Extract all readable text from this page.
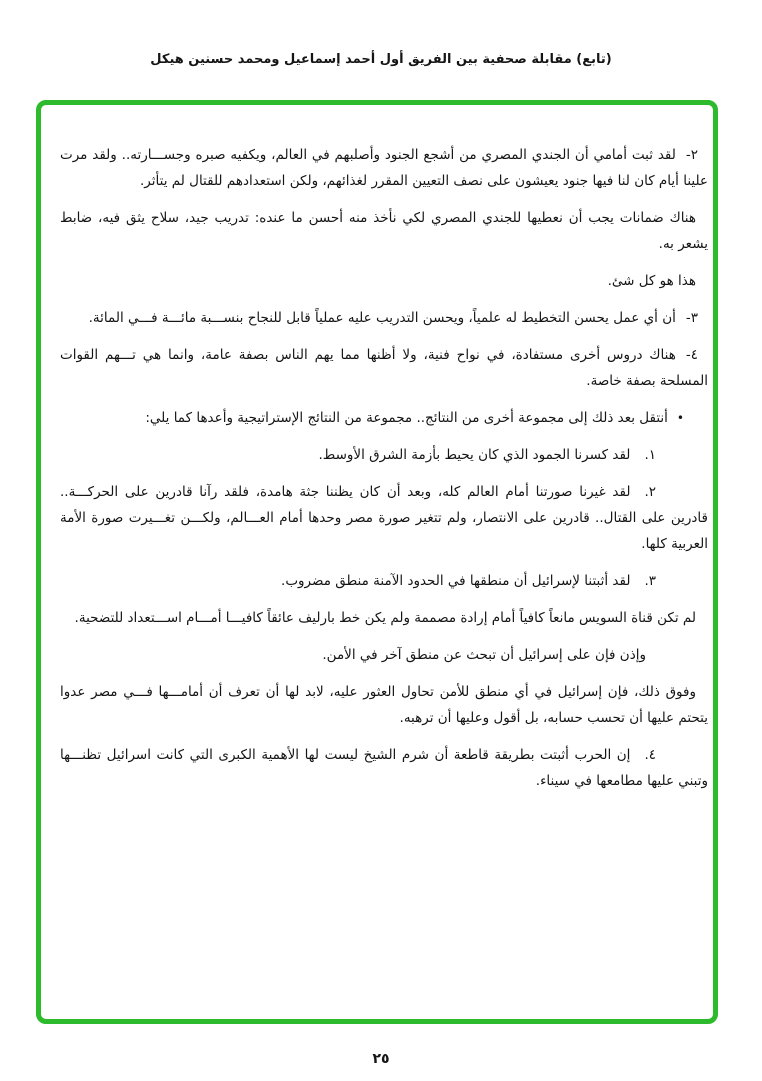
(تابع) مقابلة صحفية بين الفريق أول أحمد إسماعيل ومحمد حسنين هيكل
٢-لقد ثبت أمامي أن الجندي المصري من أشجع الجنود وأصلبهم في العالم، ويكفيه صبره وجســـارته.. ولقد مرت علينا أيام كان لنا فيها جنود يعيشون على نصف التعيين المقرر لغذائهم، ولكن استعدادهم للقتال لم يتأثر.
هناك ضمانات يجب أن نعطيها للجندي المصري لكي نأخذ منه أحسن ما عنده: تدريب جيد، سلاح يثق فيه، ضابط يشعر به.
هذا هو كل شئ.
٣-أن أي عمل يحسن التخطيط له علمياً، ويحسن التدريب عليه عملياً قابل للنجاح بنســـبة مائـــة فـــي المائة.
٤-هناك دروس أخرى مستفادة، في نواح فنية، ولا أظنها مما يهم الناس بصفة عامة، وانما هي تـــهم القوات المسلحة بصفة خاصة.
•أنتقل بعد ذلك إلى مجموعة أخرى من النتائج.. مجموعة من النتائج الإستراتيجية وأعدها كما يلي:
١.لقد كسرنا الجمود الذي كان يحيط بأزمة الشرق الأوسط.
٢.لقد غيرنا صورتنا أمام العالم كله، وبعد أن كان يظننا جثة هامدة، فلقد رآنا قادرين على الحركـــة.. قادرين على القتال.. قادرين على الانتصار، ولم تتغير صورة مصر وحدها أمام العـــالم، ولكـــن تغـــيرت صورة الأمة العربية كلها.
٣.لقد أثبتنا لإسرائيل أن منطقها في الحدود الآمنة منطق مضروب.
لم تكن قناة السويس مانعاً كافياً أمام إرادة مصممة ولم يكن خط بارليف عائقاً كافيـــا أمـــام اســـتعداد للتضحية.
وإذن فإن على إسرائيل أن تبحث عن منطق آخر في الأمن.
وفوق ذلك، فإن إسرائيل في أي منطق للأمن تحاول العثور عليه، لابد لها أن تعرف أن أمامـــها فـــي مصر عدوا يتحتم عليها أن تحسب حسابه، بل أقول وعليها أن ترهبه.
٤.إن الحرب أثبتت بطريقة قاطعة أن شرم الشيخ ليست لها الأهمية الكبرى التي كانت اسرائيل تظنـــها وتبني عليها مطامعها في سيناء.
٢٥
